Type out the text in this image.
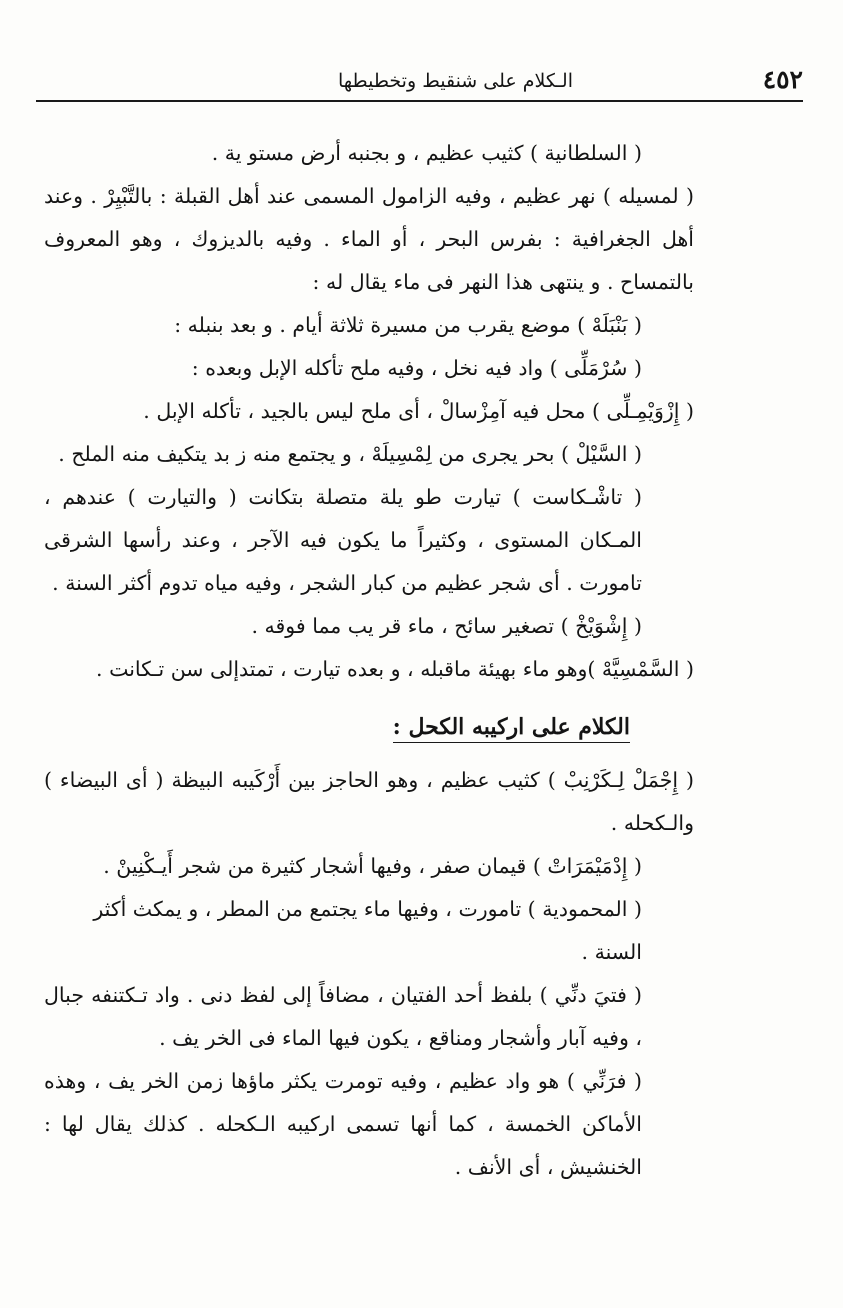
٤٥٢
الـكلام على شنقيط وتخطيطها

( السلطانية ) كثيب عظيم ، و بجنبه أرض مستو ية .

( لمسيله ) نهر عظيم ، وفيه الزامول المسمى عند أهل القبلة : بالتَّبْيِرْ . وعند أهل الجغرافية : بفرس البحر ، أو الماء . وفيه بالديزوك ، وهو المعروف بالتمساح . و ينتهى هذا النهر فى ماء يقال له :

( بَنْبَلَهْ ) موضع يقرب من مسيرة ثلاثة أيام . و بعد بنبله :

( سُرْمَلِّى ) واد فيه نخل ، وفيه ملح تأكله الإبل وبعده :

( إِزْوَيْمِـلِّى ) محل فيه آمِزْسالْ ، أى ملح ليس بالجيد ، تأكله الإبل .

( السَّيْلْ ) بحر يجرى من لِمْسِيلَهْ ، و يجتمع منه ز بد يتكيف منه الملح .

( تاشْـكاست ) تيارت طو يلة متصلة بتكانت ( والتيارت ) عندهم ، المـكان المستوى ، وكثيراً ما يكون فيه الآجر ، وعند رأسها الشرقى تامورت . أى شجر عظيم من كبار الشجر ، وفيه مياه تدوم أكثر السنة .

( إِشْوَيْخْ ) تصغير سائح ، ماء قر يب مما فوقه .

( السَّمْسِيَّهْ )وهو ماء بهيئة ماقبله ، و بعده تيارت ، تمتدإلى سن تـكانت .

الكلام على اركيبه الكحل :

( إِجْمَلْ لِـكَرْنِبْ ) كثيب عظيم ، وهو الحاجز بين أَرْكَيبه البيظة ( أى البيضاء ) والـكحله .

( إِدْمَيْمَرَاتْ ) قيمان صفر ، وفيها أشجار كثيرة من شجر أَيـكْنِينْ .

( المحمودية ) تامورت ، وفيها ماء يجتمع من المطر ، و يمكث أكثر السنة .

( فتيَ دنِّي ) بلفظ أحد الفتيان ، مضافاً إلى لفظ دنى . واد تـكتنفه جبال ، وفيه آبار وأشجار ومناقع ، يكون فيها الماء فى الخر يف .

( فرَنِّي ) هو واد عظيم ، وفيه تومرت يكثر ماؤها زمن الخر يف ، وهذه الأماكن الخمسة ، كما أنها تسمى اركيبه الـكحله . كذلك يقال لها : الخنشيش ، أى الأنف .
